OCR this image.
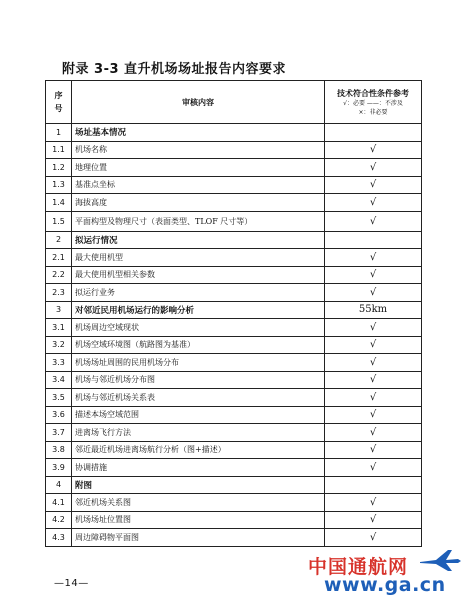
附录 3-3 直升机场场址报告内容要求
序
号	审核内容	技术符合性条件参考
√：必要 ——：不涉及
×：非必要

1	场址基本情况	
1.1	机场名称	√
1.2	地理位置	√
1.3	基准点坐标	√
1.4	海拔高度	√
1.5	平面构型及物理尺寸（表面类型、TLOF 尺寸等）	√
2	拟运行情况	
2.1	最大使用机型	√
2.2	最大使用机型相关参数	√
2.3	拟运行业务	√
3	对邻近民用机场运行的影响分析	55km
3.1	机场周边空域现状	√
3.2	机场空域环境图（航路图为基准）	√
3.3	机场场址周围的民用机场分布	√
3.4	机场与邻近机场分布图	√
3.5	机场与邻近机场关系表	√
3.6	描述本场空域范围	√
3.7	进离场飞行方法	√
3.8	邻近最近机场进离场航行分析（图+描述）	√
3.9	协调措施	√
4	附图	
4.1	邻近机场关系图	√
4.2	机场场址位置图	√
4.3	周边障碍物平面图	√
—14—
中国通航网
www.ga.cn
